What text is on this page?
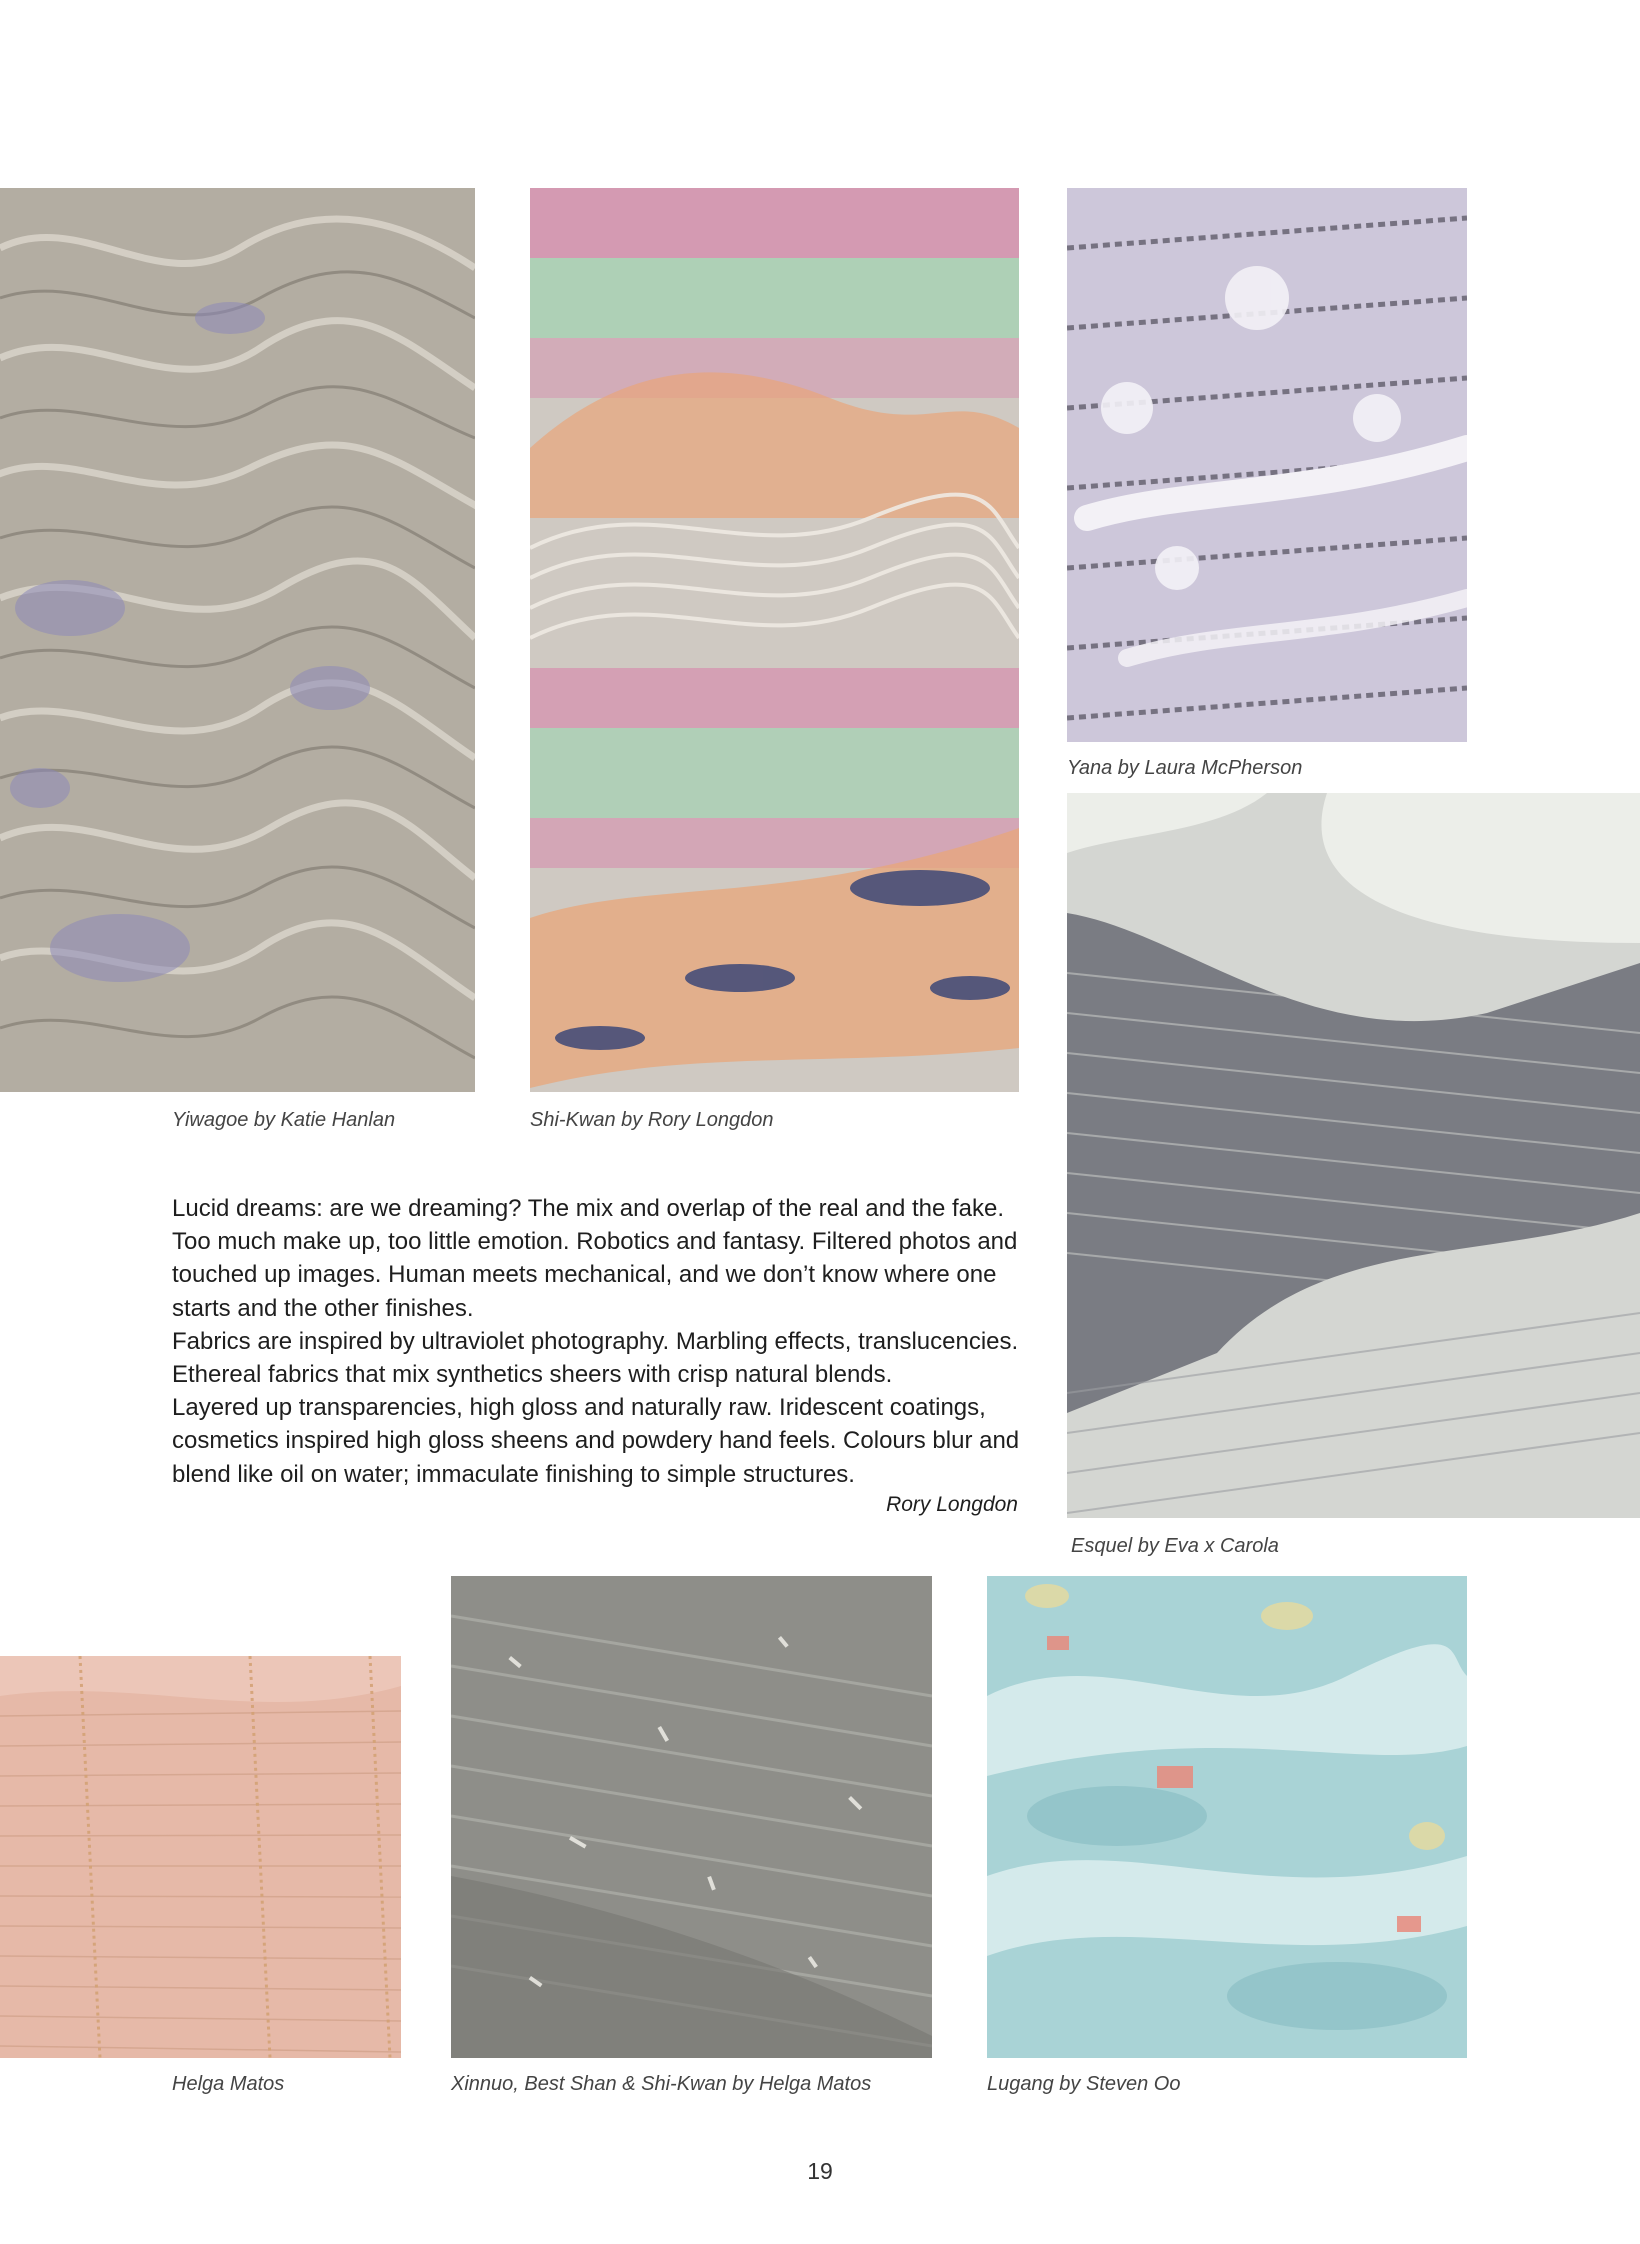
Yiwagoe by Katie Hanlan	Shi-Kwan by Rory Longdon
Yana by Laura McPherson
Esquel by Eva x Carola

Lucid dreams: are we dreaming? The mix and overlap of the real and the fake. Too much make up, too little emotion. Robotics and fantasy. Filtered photos and touched up images. Human meets mechanical, and we don’t know where one starts and the other finishes.

Fabrics are inspired by ultraviolet photography. Marbling effects, translucencies. Ethereal fabrics that mix synthetics sheers with crisp natural blends.

Layered up transparencies, high gloss and naturally raw. Iridescent coatings, cosmetics inspired high gloss sheens and powdery hand feels. Colours blur and blend like oil on water; immaculate finishing to simple structures.

Rory Longdon
Helga Matos	Xinnuo, Best Shan & Shi-Kwan by Helga Matos	Lugang by Steven Oo
19
